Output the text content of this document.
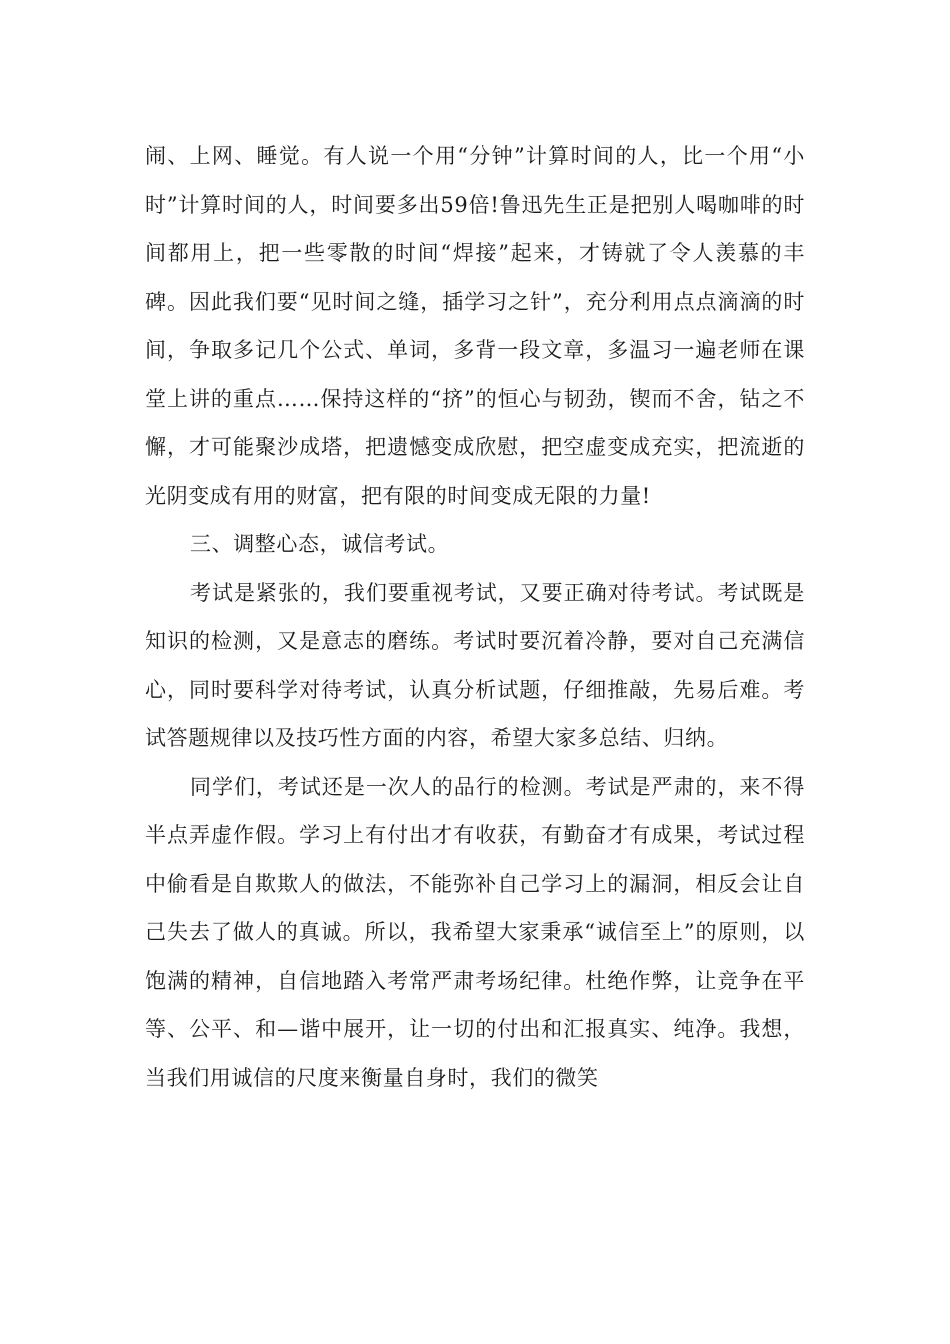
闹、上网、睡觉。有人说一个用“分钟”计算时间的人，比一个用“小时”计算时间的人，时间要多出59倍!鲁迅先生正是把别人喝咖啡的时间都用上，把一些零散的时间“焊接”起来，才铸就了令人羡慕的丰碑。因此我们要“见时间之缝，插学习之针”，充分利用点点滴滴的时间，争取多记几个公式、单词，多背一段文章，多温习一遍老师在课堂上讲的重点……保持这样的“挤”的恒心与韧劲，锲而不舍，钻之不懈，才可能聚沙成塔，把遗憾变成欣慰，把空虚变成充实，把流逝的光阴变成有用的财富，把有限的时间变成无限的力量!

三、调整心态，诚信考试。

考试是紧张的，我们要重视考试，又要正确对待考试。考试既是知识的检测，又是意志的磨练。考试时要沉着冷静，要对自己充满信心，同时要科学对待考试，认真分析试题，仔细推敲，先易后难。考试答题规律以及技巧性方面的内容，希望大家多总结、归纳。

同学们，考试还是一次人的品行的检测。考试是严肃的，来不得半点弄虚作假。学习上有付出才有收获，有勤奋才有成果，考试过程中偷看是自欺欺人的做法，不能弥补自己学习上的漏洞，相反会让自己失去了做人的真诚。所以，我希望大家秉承“诚信至上”的原则，以饱满的精神，自信地踏入考常严肃考场纪律。杜绝作弊，让竞争在平等、公平、和—谐中展开，让一切的付出和汇报真实、纯净。我想，当我们用诚信的尺度来衡量自身时，我们的微笑
